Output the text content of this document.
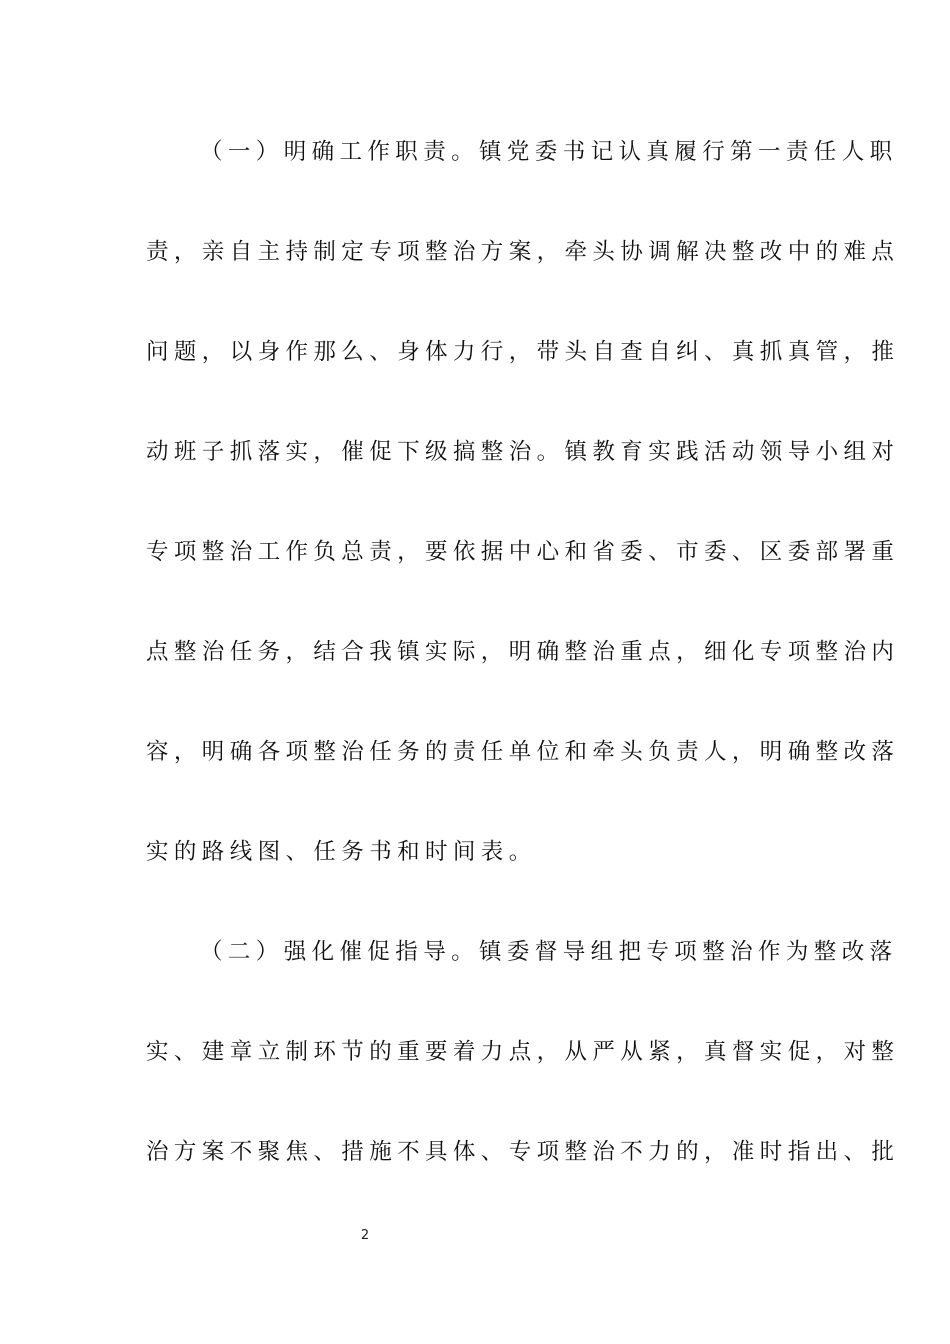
（一）明确工作职责。镇党委书记认真履行第一责任人职
责，亲自主持制定专项整治方案，牵头协调解决整改中的难点
问题，以身作那么、身体力行，带头自查自纠、真抓真管，推
动班子抓落实，催促下级搞整治。镇教育实践活动领导小组对
专项整治工作负总责，要依据中心和省委、市委、区委部署重
点整治任务，结合我镇实际，明确整治重点，细化专项整治内
容，明确各项整治任务的责任单位和牵头负责人，明确整改落
实的路线图、任务书和时间表。
（二）强化催促指导。镇委督导组把专项整治作为整改落
实、建章立制环节的重要着力点，从严从紧，真督实促，对整
治方案不聚焦、措施不具体、专项整治不力的，准时指出、批
2
